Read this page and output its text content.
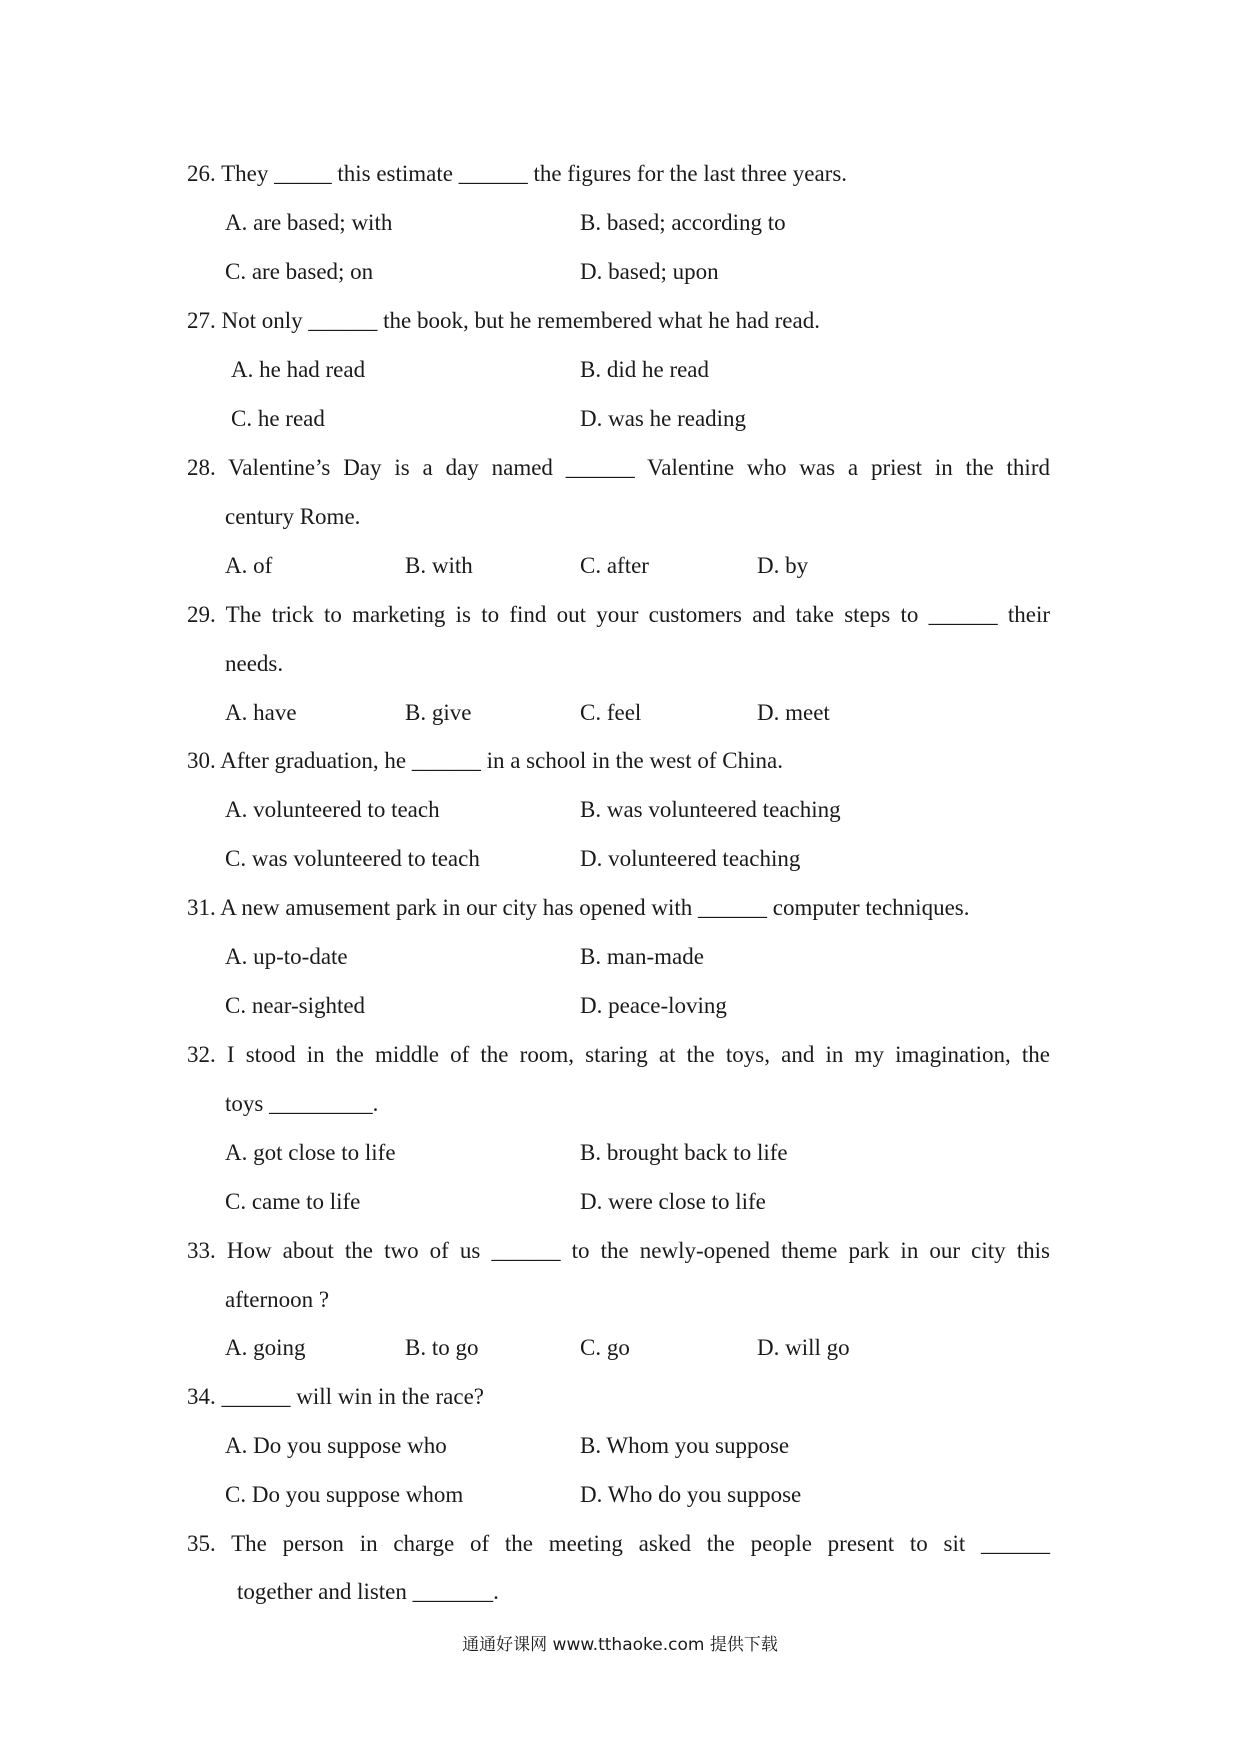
26. They _____ this estimate ______ the figures for the last three years.
A. are based; with	B. based; according to
C. are based; on	D. based; upon
27. Not only ______ the book, but he remembered what he had read.
A. he had read	B. did he read
C. he read	D. was he reading
28. Valentine’s Day is a day named ______ Valentine who was a priest in the third
century Rome.
A. of	B. with	C. after	D. by
29. The trick to marketing is to find out your customers and take steps to ______ their
needs.
A. have	B. give	C. feel	D. meet
30. After graduation, he ______ in a school in the west of China.
A. volunteered to teach	B. was volunteered teaching
C. was volunteered to teach	D. volunteered teaching
31. A new amusement park in our city has opened with ______ computer techniques.
A. up-to-date	B. man-made
C. near-sighted	D. peace-loving
32. I stood in the middle of the room, staring at the toys, and in my imagination, the
toys _________.
A. got close to life	B. brought back to life
C. came to life	D. were close to life
33. How about the two of us ______ to the newly-opened theme park in our city this
afternoon ?
A. going	B. to go	C. go	D. will go
34. ______ will win in the race?
A. Do you suppose who	B. Whom you suppose
C. Do you suppose whom	D. Who do you suppose
35. The person in charge of the meeting asked the people present to sit ______
together and listen _______.
通通好课网 www.tthaoke.com 提供下载
